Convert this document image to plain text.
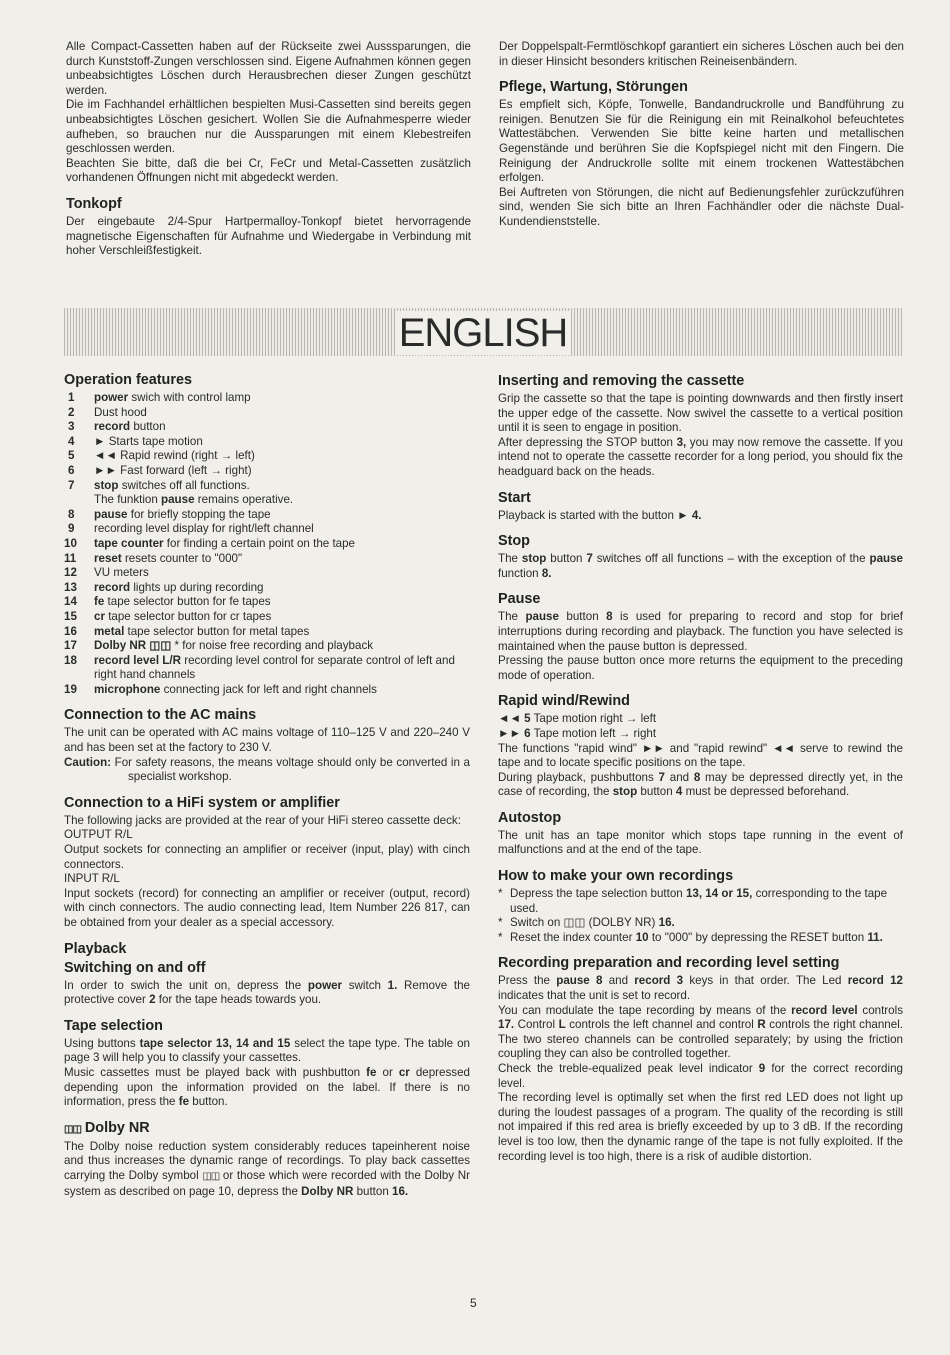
Alle Compact-Cassetten haben auf der Rückseite zwei Ausssparungen, die durch Kunststoff-Zungen verschlossen sind. Eigene Aufnahmen können gegen unbeabsichtigtes Löschen durch Herausbrechen dieser Zungen geschützt werden.

Die im Fachhandel erhältlichen bespielten Musi-Cassetten sind bereits gegen unbeabsichtigtes Löschen gesichert. Wollen Sie die Aufnahmesperre wieder aufheben, so brauchen nur die Aussparungen mit einem Klebestreifen geschlossen werden.

Beachten Sie bitte, daß die bei Cr, FeCr und Metal-Cassetten zusätzlich vorhandenen Öffnungen nicht mit abgedeckt werden.

Tonkopf

Der eingebaute 2/4-Spur Hartpermalloy-Tonkopf bietet hervorragende magnetische Eigenschaften für Aufnahme und Wiedergabe in Verbindung mit hoher Verschleißfestigkeit.

Der Doppelspalt-Fermtlöschkopf garantiert ein sicheres Löschen auch bei den in dieser Hinsicht besonders kritischen Reineisenbändern.

Pflege, Wartung, Störungen

Es empfielt sich, Köpfe, Tonwelle, Bandandruckrolle und Bandführung zu reinigen. Benutzen Sie für die Reinigung ein mit Reinalkohol befeuchtetes Wattestäbchen. Verwenden Sie bitte keine harten und metallischen Gegenstände und berühren Sie die Kopfspiegel nicht mit den Fingern. Die Reinigung der Andruckrolle sollte mit einem trockenen Wattestäbchen erfolgen.

Bei Auftreten von Störungen, die nicht auf Bedienungsfehler zurückzuführen sind, wenden Sie sich bitte an Ihren Fachhändler oder die nächste Dual-Kundendienststelle.

ENGLISH
Operation features
1	power swich with control lamp
2	Dust hood
3	record button
4	► Starts tape motion
5	◄◄ Rapid rewind (right → left)
6	►► Fast forward (left → right)
7	stop switches off all functions.
The funktion pause remains operative.
8	pause for briefly stopping the tape
9	recording level display for right/left channel
10	tape counter for finding a certain point on the tape
11	reset resets counter to "000"
12	VU meters
13	record lights up during recording
14	fe tape selector button for fe tapes
15	cr tape selector button for cr tapes
16	metal tape selector button for metal tapes
17	Dolby NR ◫◫ * for noise free recording and playback
18	record level L/R recording level control for separate control of left and right hand channels
19	microphone connecting jack for left and right channels
Connection to the AC mains

The unit can be operated with AC mains voltage of 110–125 V and 220–240 V and has been set at the factory to 230 V.

Caution: For safety reasons, the means voltage should only be converted in a specialist workshop.

Connection to a HiFi system or amplifier

The following jacks are provided at the rear of your HiFi stereo cassette deck:

OUTPUT R/L

Output sockets for connecting an amplifier or receiver (input, play) with cinch connectors.

INPUT R/L

Input sockets (record) for connecting an amplifier or receiver (output, record) with cinch connectors. The audio connecting lead, Item Number 226 817, can be obtained from your dealer as a special accessory.

Playback
Switching on and off

In order to swich the unit on, depress the power switch 1. Remove the protective cover 2 for the tape heads towards you.

Tape selection

Using buttons tape selector 13, 14 and 15 select the tape type. The table on page 3 will help you to classify your cassettes.

Music cassettes must be played back with pushbutton fe or cr depressed depending upon the information provided on the label. If there is no information, press the fe button.

◫◫ Dolby NR

The Dolby noise reduction system considerably reduces tapeinherent noise and thus increases the dynamic range of recordings. To play back cassettes carrying the Dolby symbol ◫◫ or those which were recorded with the Dolby Nr system as described on page 10, depress the Dolby NR button 16.

Inserting and removing the cassette

Grip the cassette so that the tape is pointing downwards and then firstly insert the upper edge of the cassette. Now swivel the cassette to a vertical position until it is seen to engage in position.

After depressing the STOP button 3, you may now remove the cassette. If you intend not to operate the cassette recorder for a long period, you should fix the headguard back on the heads.

Start

Playback is started with the button ► 4.

Stop

The stop button 7 switches off all functions – with the exception of the pause function 8.

Pause

The pause button 8 is used for preparing to record and stop for brief interruptions during recording and playback. The function you have selected is maintained when the pause button is depressed.

Pressing the pause button once more returns the equipment to the preceding mode of operation.

Rapid wind/Rewind

◄◄ 5 Tape motion right → left

►► 6 Tape motion left → right

The functions "rapid wind" ►► and "rapid rewind" ◄◄ serve to rewind the tape and to locate specific positions on the tape.

During playback, pushbuttons 7 and 8 may be depressed directly yet, in the case of recording, the stop button 4 must be depressed beforehand.

Autostop

The unit has an tape monitor which stops tape running in the event of malfunctions and at the end of the tape.

How to make your own recordings
* Depress the tape selection button 13, 14 or 15, corresponding to the tape used.
* Switch on ◫◫ (DOLBY NR) 16.
* Reset the index counter 10 to "000" by depressing the RESET button 11.
Recording preparation and recording level setting

Press the pause 8 and record 3 keys in that order. The Led record 12 indicates that the unit is set to record.

You can modulate the tape recording by means of the record level controls 17. Control L controls the left channel and control R controls the right channel. The two stereo channels can be controlled separately; by using the friction coupling they can also be controlled together.

Check the treble-equalized peak level indicator 9 for the correct recording level.

The recording level is optimally set when the first red LED does not light up during the loudest passages of a program. The quality of the recording is still not impaired if this red area is briefly exceeded by up to 3 dB. If the recording level is too low, then the dynamic range of the tape is not fully exploited. If the recording level is too high, there is a risk of audible distortion.

5
